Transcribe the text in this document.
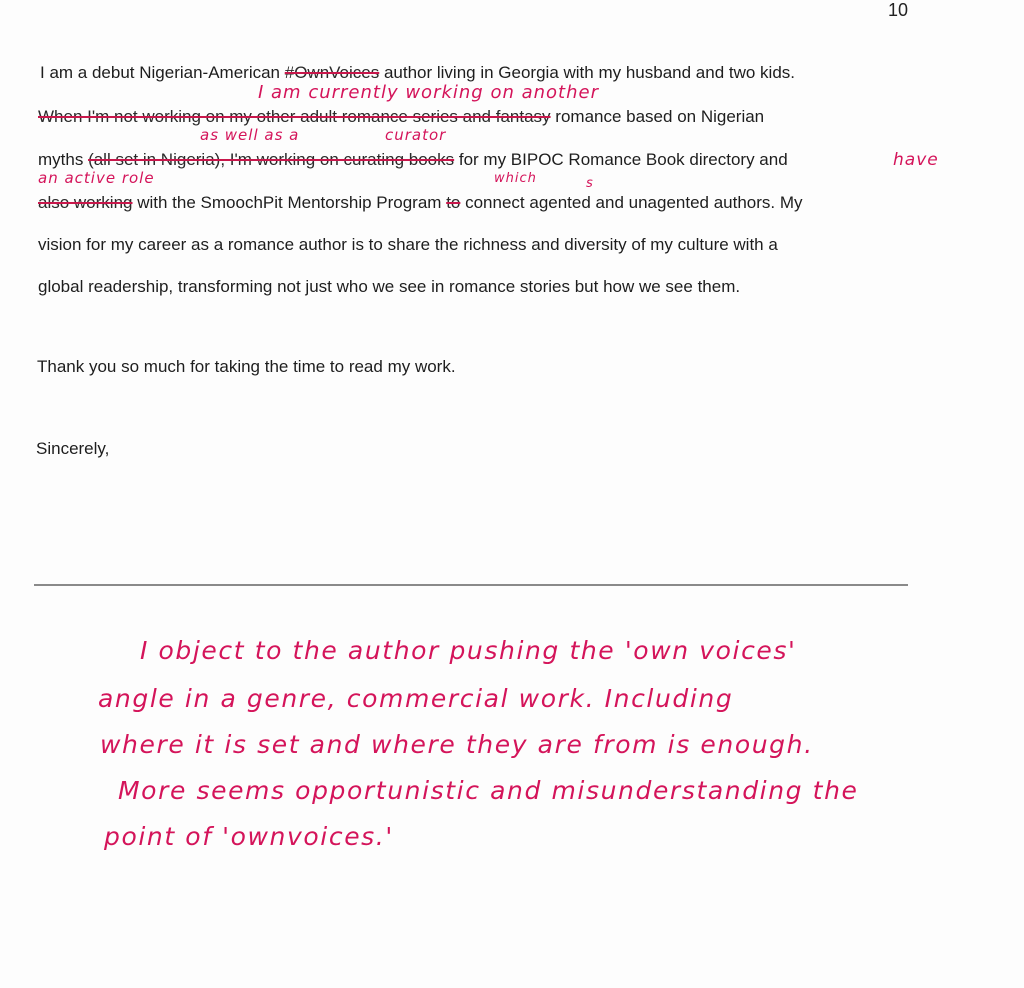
10
I am a debut Nigerian-American #OwnVoices author living in Georgia with my husband and two kids.
I am currently working on another
When I'm not working on my other adult romance series and fantasy romance based on Nigerian
as well as a	curator
myths (all set in Nigeria), I'm working on curating books for my BIPOC Romance Book directory and	have
an active role	which	s
also working with the SmoochPit Mentorship Program to connect agented and unagented authors. My
vision for my career as a romance author is to share the richness and diversity of my culture with a
global readership, transforming not just who we see in romance stories but how we see them.
Thank you so much for taking the time to read my work.
Sincerely,
I object to the author pushing the 'own voices'
angle in a genre, commercial work. Including
where it is set and where they are from is enough.
More seems opportunistic and misunderstanding the
point of 'ownvoices.'
